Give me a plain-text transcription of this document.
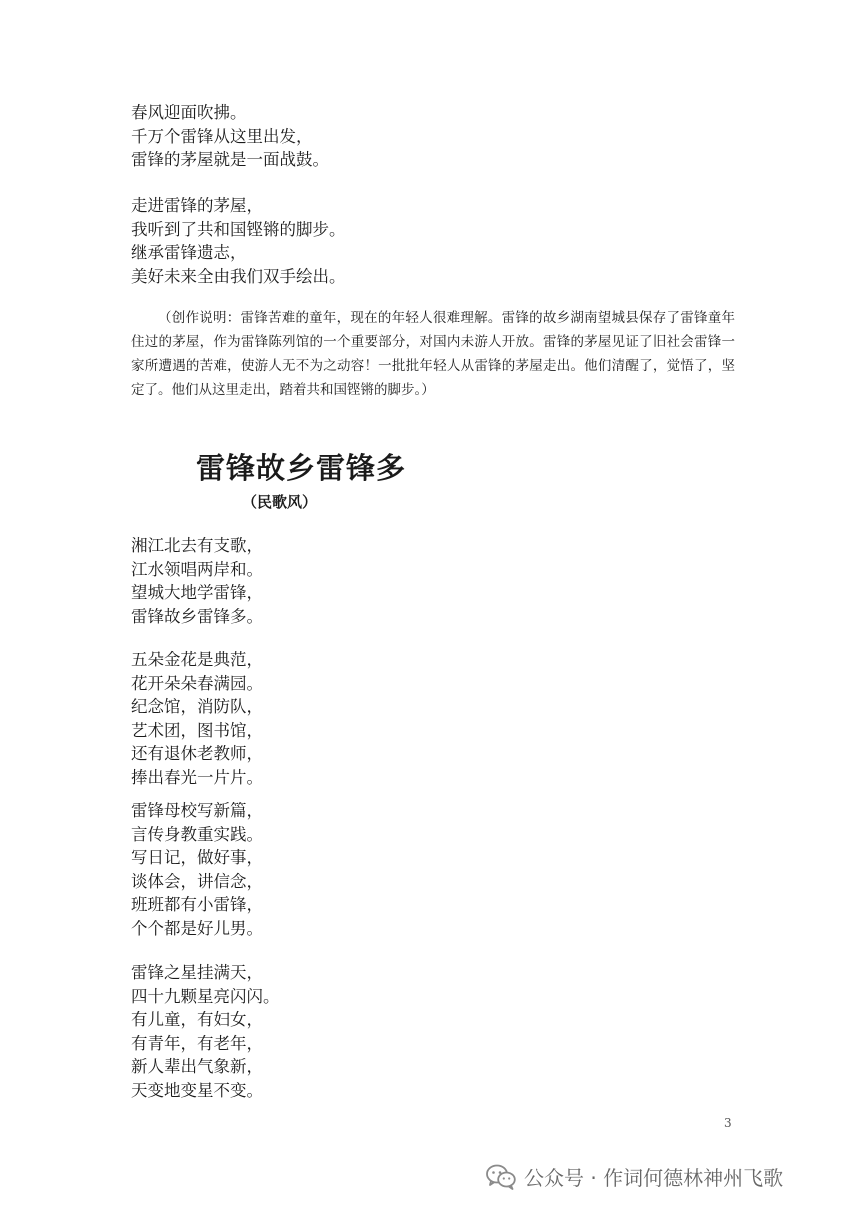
春风迎面吹拂。
千万个雷锋从这里出发，
雷锋的茅屋就是一面战鼓。
走进雷锋的茅屋，
我听到了共和国铿锵的脚步。
继承雷锋遗志，
美好未来全由我们双手绘出。
（创作说明：雷锋苦难的童年，现在的年轻人很难理解。雷锋的故乡湖南望城县保存了雷锋童年住过的茅屋，作为雷锋陈列馆的一个重要部分，对国内未游人开放。雷锋的茅屋见证了旧社会雷锋一家所遭遇的苦难，使游人无不为之动容！一批批年轻人从雷锋的茅屋走出。他们清醒了，觉悟了，坚定了。他们从这里走出，踏着共和国铿锵的脚步。）
雷锋故乡雷锋多
（民歌风）
湘江北去有支歌，
江水领唱两岸和。
望城大地学雷锋，
雷锋故乡雷锋多。
五朵金花是典范，
花开朵朵春满园。
纪念馆，消防队，
艺术团，图书馆，
还有退休老教师，
捧出春光一片片。
雷锋母校写新篇，
言传身教重实践。
写日记，做好事，
谈体会，讲信念，
班班都有小雷锋，
个个都是好儿男。
雷锋之星挂满天，
四十九颗星亮闪闪。
有儿童，有妇女，
有青年，有老年，
新人辈出气象新，
天变地变星不变。
3
公众号 · 作词何德林神州飞歌
